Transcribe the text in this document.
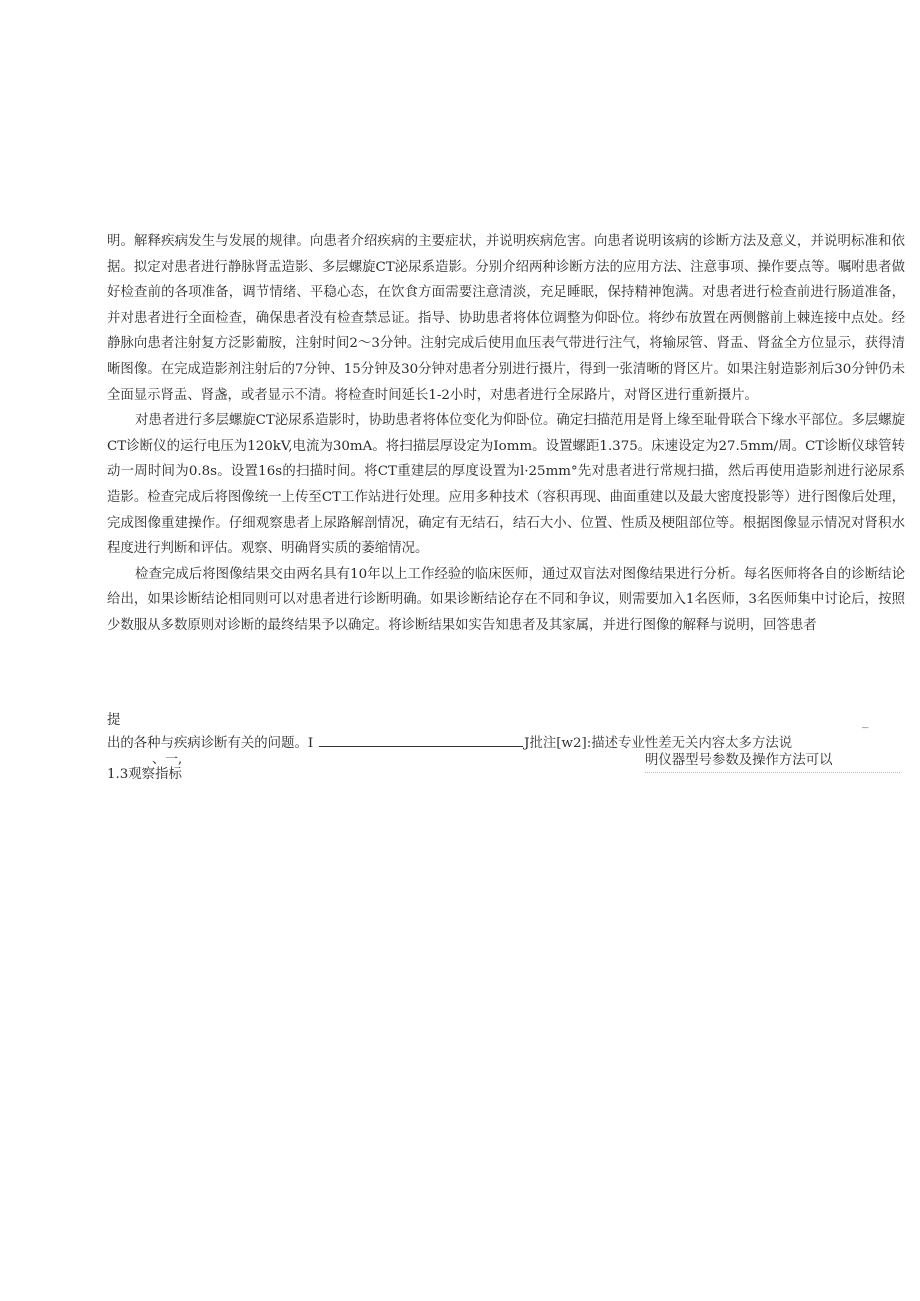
明。解释疾病发生与发展的规律。向患者介绍疾病的主要症状，并说明疾病危害。向患者说明该病的诊断方法及意义，并说明标准和依据。拟定对患者进行静脉肾盂造影、多层螺旋CT泌尿系造影。分别介绍两种诊断方法的应用方法、注意事项、操作要点等。嘱咐患者做好检查前的各项准备，调节情绪、平稳心态，在饮食方面需要注意清淡，充足睡眠，保持精神饱满。对患者进行检查前进行肠道准备，并对患者进行全面检查，确保患者没有检查禁忌证。指导、协助患者将体位调整为仰卧位。将纱布放置在两侧髂前上棘连接中点处。经静脉向患者注射复方泛影葡胺，注射时间2～3分钟。注射完成后使用血压表气带进行注气，将输尿管、肾盂、肾盆全方位显示，获得清晰图像。在完成造影剂注射后的7分钟、15分钟及30分钟对患者分别进行摄片，得到一张清晰的肾区片。如果注射造影剂后30分钟仍未全面显示肾盂、肾盏，或者显示不清。将检查时间延长1-2小时，对患者进行全尿路片，对肾区进行重新摄片。

对患者进行多层螺旋CT泌尿系造影时，协助患者将体位变化为仰卧位。确定扫描范用是肾上缘至耻骨联合下缘水平部位。多层螺旋CT诊断仪的运行电压为120kV,电流为30mA。将扫描层厚设定为Iomm。设置螺距1.375。床速设定为27.5mm/周。CT诊断仪球管转动一周时间为0.8s。设置16s的扫描时间。将CT重建层的厚度设置为l·25mm°先对患者进行常规扫描，然后再使用造影剂进行泌尿系造影。检查完成后将图像统一上传至CT工作站进行处理。应用多种技术（容积再现、曲面重建以及最大密度投影等）进行图像后处理，完成图像重建操作。仔细观察患者上尿路解剖情况，确定有无结石，结石大小、位置、性质及梗阻部位等。根据图像显示情况对肾积水程度进行判断和评估。观察、明确肾实质的萎缩情况。

检查完成后将图像结果交由两名具有10年以上工作经验的临床医师，通过双盲法对图像结果进行分析。每名医师将各自的诊断结论给出，如果诊断结论相同则可以对患者进行诊断明确。如果诊断结论存在不同和争议，则需要加入1名医师，3名医师集中讨论后，按照少数服从多数原则对诊断的最终结果予以确定。将诊断结果如实告知患者及其家属，并进行图像的解释与说明，回答患者

提	_
出的各种与疾病诊断有关的问题。I	J批注[w2]:描述专业性差无关内容太多方法说
、一,	明仪器型号参数及操作方法可以
1.3观察指标
